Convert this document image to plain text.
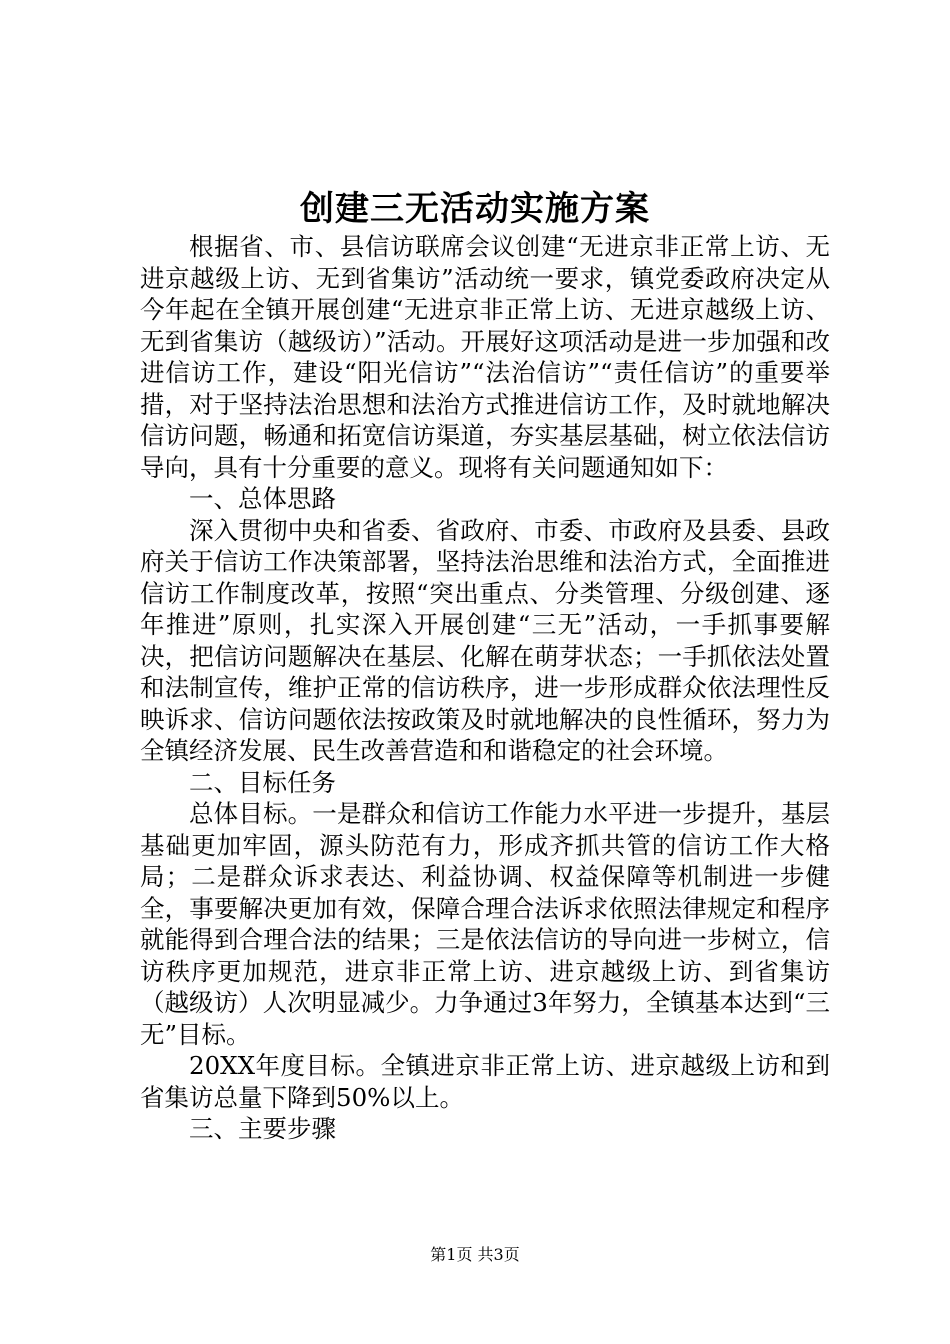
创建三无活动实施方案

根据省、市、县信访联席会议创建“无进京非正常上访、无进京越级上访、无到省集访”活动统一要求，镇党委政府决定从今年起在全镇开展创建“无进京非正常上访、无进京越级上访、无到省集访（越级访）”活动。开展好这项活动是进一步加强和改进信访工作，建设“阳光信访”“法治信访”“责任信访”的重要举措，对于坚持法治思想和法治方式推进信访工作，及时就地解决信访问题，畅通和拓宽信访渠道，夯实基层基础，树立依法信访导向，具有十分重要的意义。现将有关问题通知如下：

一、总体思路

深入贯彻中央和省委、省政府、市委、市政府及县委、县政府关于信访工作决策部署，坚持法治思维和法治方式，全面推进信访工作制度改革，按照“突出重点、分类管理、分级创建、逐年推进”原则，扎实深入开展创建“三无”活动，一手抓事要解决，把信访问题解决在基层、化解在萌芽状态；一手抓依法处置和法制宣传，维护正常的信访秩序，进一步形成群众依法理性反映诉求、信访问题依法按政策及时就地解决的良性循环，努力为全镇经济发展、民生改善营造和和谐稳定的社会环境。

二、目标任务

总体目标。一是群众和信访工作能力水平进一步提升，基层基础更加牢固，源头防范有力，形成齐抓共管的信访工作大格局；二是群众诉求表达、利益协调、权益保障等机制进一步健全，事要解决更加有效，保障合理合法诉求依照法律规定和程序就能得到合理合法的结果；三是依法信访的导向进一步树立，信访秩序更加规范，进京非正常上访、进京越级上访、到省集访（越级访）人次明显减少。力争通过3年努力，全镇基本达到“三无”目标。

20XX年度目标。全镇进京非正常上访、进京越级上访和到省集访总量下降到50%以上。

三、主要步骤

第1页 共3页
